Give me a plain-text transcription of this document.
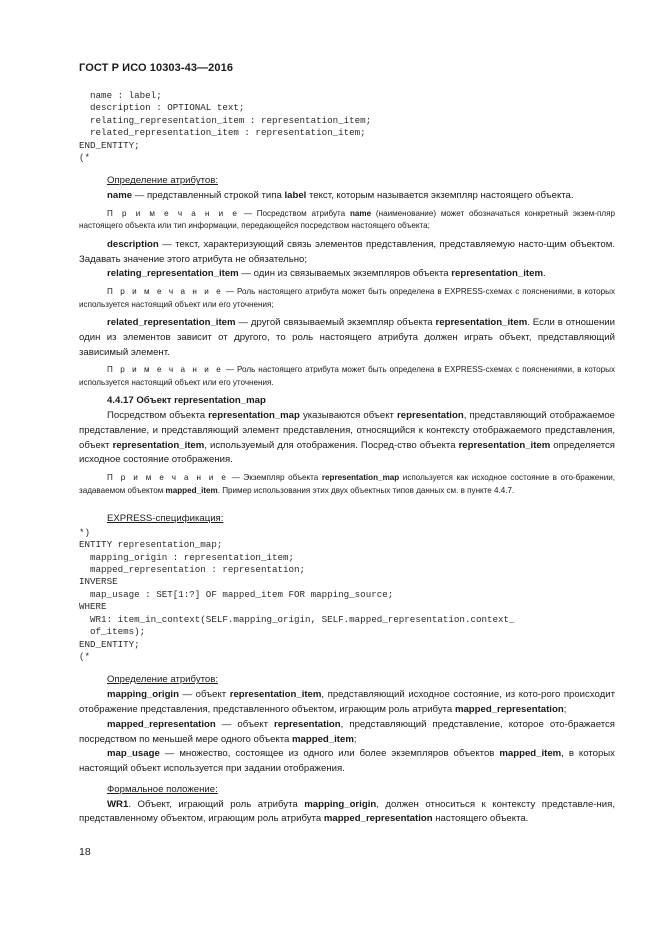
ГОСТ Р ИСО 10303-43—2016
name : label;
description : OPTIONAL text;
relating_representation_item : representation_item;
related_representation_item : representation_item;
END_ENTITY;
(*
Определение атрибутов:
name — представленный строкой типа label текст, которым называется экземпляр настоящего объекта.
П р и м е ч а н и е — Посредством атрибута name (наименование) может обозначаться конкретный экзем-пляр настоящего объекта или тип информации, передающейся посредством настоящего объекта;
description — текст, характеризующий связь элементов представления, представляемую насто-щим объектом. Задавать значение этого атрибута не обязательно;
relating_representation_item — один из связываемых экземпляров объекта representation_item.
П р и м е ч а н и е — Роль настоящего атрибута может быть определена в EXPRESS-схемах с пояснениями, в которых используется настоящий объект или его уточнения;
related_representation_item — другой связываемый экземпляр объекта representation_item. Если в отношении один из элементов зависит от другого, то роль настоящего атрибута должен играть объект, представляющий зависимый элемент.
П р и м е ч а н и е — Роль настоящего атрибута может быть определена в EXPRESS-схемах с пояснениями, в которых используется настоящий объект или его уточнения.
4.4.17 Объект representation_map
Посредством объекта representation_map указываются объект representation, представляющий отображаемое представление, и представляющий элемент представления, относящийся к контексту отображаемого представления, объект representation_item, используемый для отображения. Посред-ство объекта representation_item определяется исходное состояние отображения.
П р и м е ч а н и е — Экземпляр объекта representation_map используется как исходное состояние в ото-бражении, задаваемом объектом mapped_item. Пример использования этих двух объектных типов данных см. в пункте 4.4.7.
EXPRESS-спецификация:
*)
ENTITY representation_map;
mapping_origin : representation_item;
mapped_representation : representation;
INVERSE
map_usage : SET[1:?] OF mapped_item FOR mapping_source;
WHERE
WR1: item_in_context(SELF.mapping_origin, SELF.mapped_representation.context_
of_items);
END_ENTITY;
(*
Определение атрибутов:
mapping_origin — объект representation_item, представляющий исходное состояние, из кото-рого происходит отображение представления, представленного объектом, играющим роль атрибута mapped_representation;
mapped_representation — объект representation, представляющий представление, которое ото-бражается посредством по меньшей мере одного объекта mapped_item;
map_usage — множество, состоящее из одного или более экземпляров объектов mapped_item, в которых настоящий объект используется при задании отображения.
Формальное положение:
WR1. Объект, играющий роль атрибута mapping_origin, должен относиться к контексту представле-ния, представленному объектом, играющим роль атрибута mapped_representation настоящего объекта.
18
